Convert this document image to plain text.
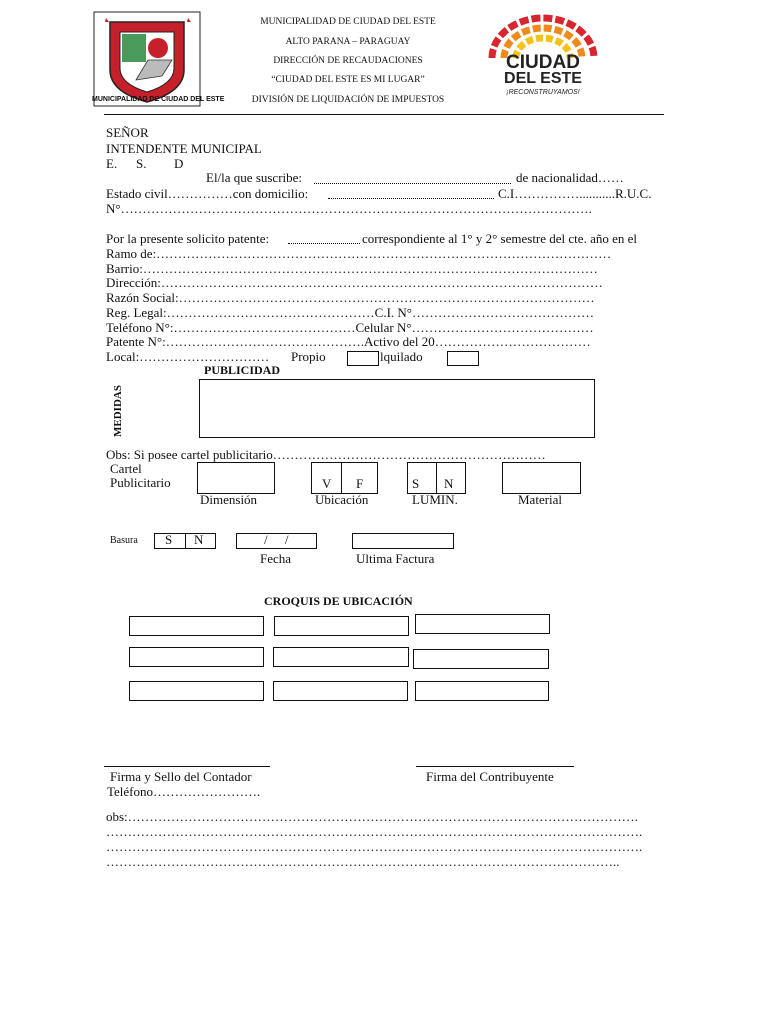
MUNICIPALIDAD DE CIUDAD DEL ESTE
MUNICIPALIDAD DE CIUDAD DEL ESTE
ALTO PARANA – PARAGUAY
DIRECCIÓN DE RECAUDACIONES
“CIUDAD DEL ESTE ES MI LUGAR”
DIVISIÓN DE LIQUIDACIÓN DE IMPUESTOS
CIUDAD
DEL ESTE
¡RECONSTRUYAMOS!
SEÑOR
INTENDENTE MUNICIPAL
E. S. D
El/la que suscribe:	de nacionalidad……
Estado civil……………con domicilio:	C.I……………...........R.U.C.
N°……………………………………………………………………………………………….
Por la presente solicito patente:	correspondiente al 1° y 2° semestre del cte. año en el
Ramo de:……………………………………………………………………………………………
Barrio:……………………………………………………………………………………………
Dirección:…………………………………………………………………………………………
Razón Social:……………………………………………………………………………………
Reg. Legal:…………………………………………C.I. N°……………………………………
Teléfono N°:……………………………………Celular N°……………………………………
Patente N°:……………………………………….Activo del 20………………………………
Local:………………………… Propio	lquilado
PUBLICIDAD
MEDIDAS
Obs: Si posee cartel publicitario………………………………………………………
Cartel
Publicitario	V F	S N
Dimensión	Ubicación	LUMIN.	Material
Basura S N	/ /
Fecha	Ultima Factura
CROQUIS DE UBICACIÓN
Firma y Sello del Contador	Firma del Contribuyente
Teléfono…………………….
obs:……………………………………………………………………………………………………….
…………………………………………………………………………………………………………….
…………………………………………………………………………………………………………….
………………………………………………………………………………………………………..
